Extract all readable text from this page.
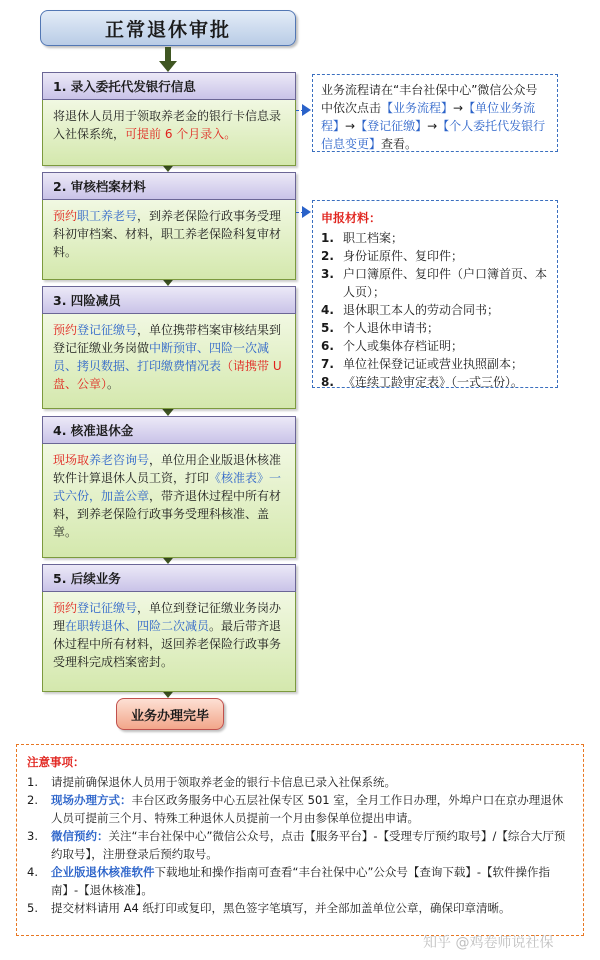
正常退休审批
1. 录入委托代发银行信息
将退休人员用于领取养老金的银行卡信息录入社保系统，可提前 6 个月录入。
2. 审核档案材料
预约职工养老号，到养老保险行政事务受理科初审档案、材料，职工养老保险科复审材料。
3. 四险减员
预约登记征缴号，单位携带档案审核结果到登记征缴业务岗做中断预审、四险一次减员、拷贝数据、打印缴费情况表（请携带 U 盘、公章）。
4. 核准退休金
现场取养老咨询号，单位用企业版退休核准软件计算退休人员工资，打印《核准表》一式六份，加盖公章，带齐退休过程中所有材料，到养老保险行政事务受理科核准、盖章。
5. 后续业务
预约登记征缴号，单位到登记征缴业务岗办理在职转退休、四险二次减员。最后带齐退休过程中所有材料，返回养老保险行政事务受理科完成档案密封。
业务办理完毕
业务流程请在“丰台社保中心”微信公众号中依次点击【业务流程】→【单位业务流程】→【登记征缴】→【个人委托代发银行信息变更】查看。
申报材料：
1. 职工档案；
2. 身份证原件、复印件；
3. 户口簿原件、复印件（户口簿首页、本人页）；
4. 退休职工本人的劳动合同书；
5. 个人退休申请书；
6. 个人或集体存档证明；
7. 单位社保登记证或营业执照副本；
8. 《连续工龄审定表》（一式三份）。
注意事项：
1.	请提前确保退休人员用于领取养老金的银行卡信息已录入社保系统。
2.	现场办理方式：丰台区政务服务中心五层社保专区 501 室，全月工作日办理，外埠户口在京办理退休人员可提前三个月、特殊工种退休人员提前一个月由参保单位提出申请。
3.	微信预约：关注“丰台社保中心”微信公众号，点击【服务平台】-【受理专厅预约取号】/【综合大厅预约取号】，注册登录后预约取号。
4.	企业版退休核准软件下载地址和操作指南可查看“丰台社保中心”公众号【查询下载】-【软件操作指南】-【退休核准】。
5.	提交材料请用 A4 纸打印或复印，黑色签字笔填写，并全部加盖单位公章，确保印章清晰。
知乎 @鸡卷师说社保
